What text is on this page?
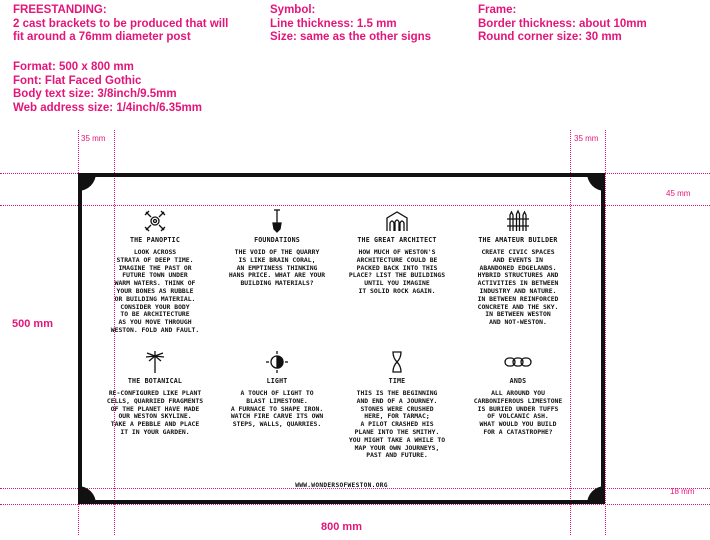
FREESTANDING:
2 cast brackets to be produced that will
fit around a 76mm diameter post
Format: 500 x 800 mm
Font: Flat Faced Gothic
Body text size: 3/8inch/9.5mm
Web address size: 1/4inch/6.35mm
Symbol:
Line thickness: 1.5 mm
Size: same as the other signs
Frame:
Border thickness: about 10mm
Round corner size: 30 mm
35 mm	35 mm
45 mm
18 mm
500 mm
800 mm
THE PANOPTIC
LOOK ACROSS
STRATA OF DEEP TIME.
IMAGINE THE PAST OR
FUTURE TOWN UNDER
WARM WATERS. THINK OF
YOUR BONES AS RUBBLE
OR BUILDING MATERIAL.
CONSIDER YOUR BODY
TO BE ARCHITECTURE
AS YOU MOVE THROUGH
WESTON. FOLD AND FAULT.
FOUNDATIONS
THE VOID OF THE QUARRY
IS LIKE BRAIN CORAL,
AN EMPTINESS THINKING
HANS PRICE. WHAT ARE YOUR
BUILDING MATERIALS?
THE GREAT ARCHITECT
HOW MUCH OF WESTON'S
ARCHITECTURE COULD BE
PACKED BACK INTO THIS
PLACE? LIST THE BUILDINGS
UNTIL YOU IMAGINE
IT SOLID ROCK AGAIN.
THE AMATEUR BUILDER
CREATE CIVIC SPACES
AND EVENTS IN
ABANDONED EDGELANDS.
HYBRID STRUCTURES AND
ACTIVITIES IN BETWEEN
INDUSTRY AND NATURE.
IN BETWEEN REINFORCED
CONCRETE AND THE SKY.
IN BETWEEN WESTON
AND NOT-WESTON.
THE BOTANICAL
RE-CONFIGURED LIKE PLANT
CELLS, QUARRIED FRAGMENTS
OF THE PLANET HAVE MADE
OUR WESTON SKYLINE.
TAKE A PEBBLE AND PLACE
IT IN YOUR GARDEN.
LIGHT
A TOUCH OF LIGHT TO
BLAST LIMESTONE.
A FURNACE TO SHAPE IRON.
WATCH FIRE CARVE ITS OWN
STEPS, WALLS, QUARRIES.
TIME
THIS IS THE BEGINNING
AND END OF A JOURNEY.
STONES WERE CRUSHED
HERE, FOR TARMAC;
A PILOT CRASHED HIS
PLANE INTO THE SMITHY.
YOU MIGHT TAKE A WHILE TO
MAP YOUR OWN JOURNEYS,
PAST AND FUTURE.
ANDS
ALL AROUND YOU
CARBONIFEROUS LIMESTONE
IS BURIED UNDER TUFFS
OF VOLCANIC ASH.
WHAT WOULD YOU BUILD
FOR A CATASTROPHE?
WWW.WONDERSOFWESTON.ORG
